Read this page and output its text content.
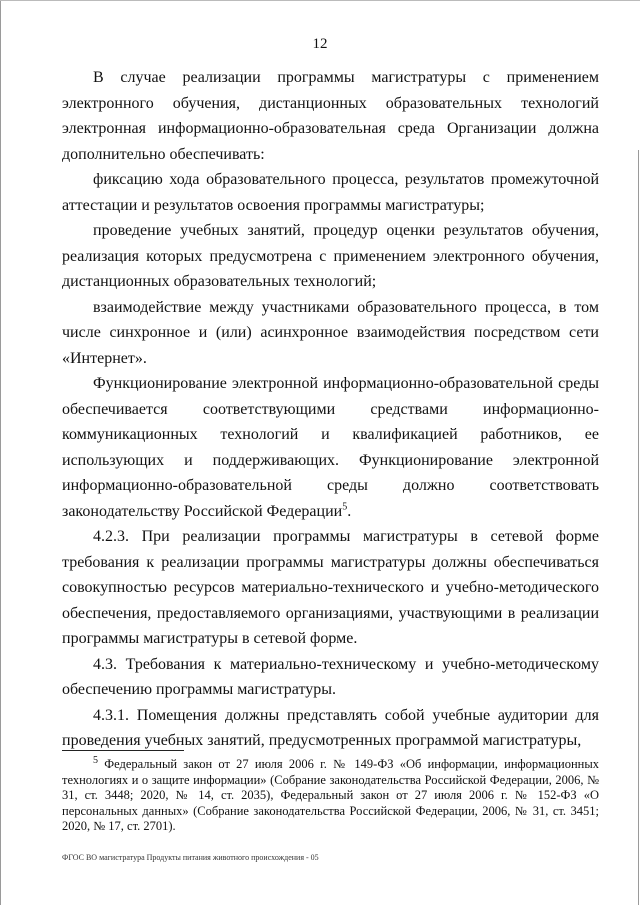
12

В случае реализации программы магистратуры с применением электронного обучения, дистанционных образовательных технологий электронная информационно-образовательная среда Организации должна дополнительно обеспечивать:

фиксацию хода образовательного процесса, результатов промежуточной аттестации и результатов освоения программы магистратуры;

проведение учебных занятий, процедур оценки результатов обучения, реализация которых предусмотрена с применением электронного обучения, дистанционных образовательных технологий;

взаимодействие между участниками образовательного процесса, в том числе синхронное и (или) асинхронное взаимодействия посредством сети «Интернет».

Функционирование электронной информационно-образовательной среды обеспечивается соответствующими средствами информационно-коммуникационных технологий и квалификацией работников, ее использующих и поддерживающих. Функционирование электронной информационно-образовательной среды должно соответствовать законодательству Российской Федерации$^5$.

4.2.3. При реализации программы магистратуры в сетевой форме требования к реализации программы магистратуры должны обеспечиваться совокупностью ресурсов материально-технического и учебно-методического обеспечения, предоставляемого организациями, участвующими в реализации программы магистратуры в сетевой форме.

4.3. Требования к материально-техническому и учебно-методическому обеспечению программы магистратуры.

4.3.1. Помещения должны представлять собой учебные аудитории для проведения учебных занятий, предусмотренных программой магистратуры,

$^5$ Федеральный закон от 27 июля 2006 г. № 149-ФЗ «Об информации, информационных технологиях и о защите информации» (Собрание законодательства Российской Федерации, 2006, № 31, ст. 3448; 2020, № 14, ст. 2035), Федеральный закон от 27 июля 2006 г. № 152-ФЗ «О персональных данных» (Собрание законодательства Российской Федерации, 2006, № 31, ст. 3451; 2020, № 17, ст. 2701).

ФГОС ВО магистратура Продукты питания животного происхождения - 05
